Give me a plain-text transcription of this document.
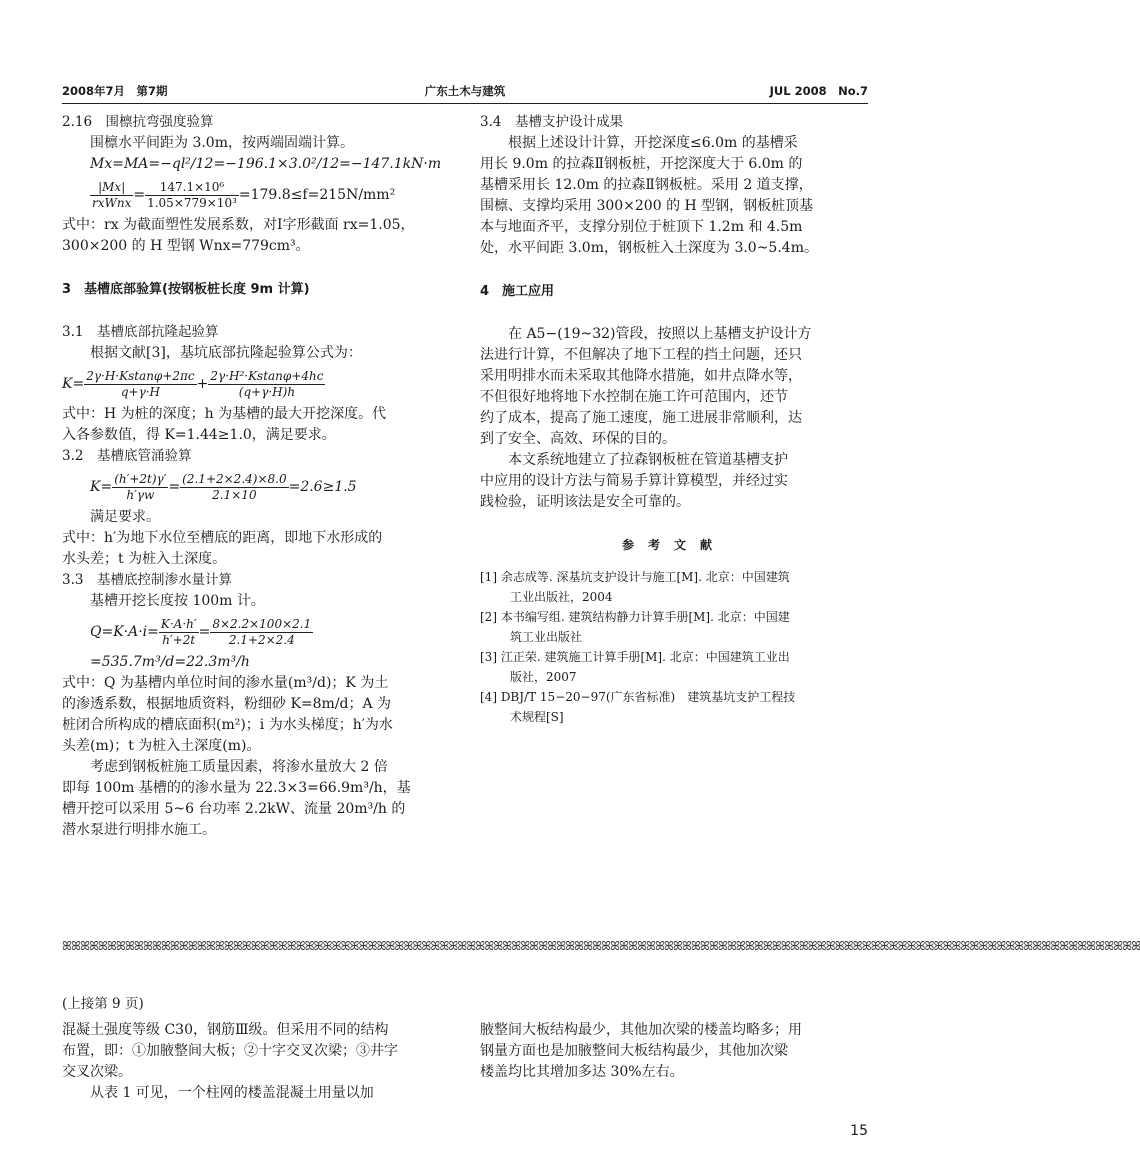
2008年7月　第7期	广东土木与建筑	JUL 2008　No.7
2.16　围檩抗弯强度验算
围檩水平间距为 3.0m，按两端固端计算。
Mx=MA=−ql²/12=−196.1×3.0²/12=−147.1kN·m
$\frac{|Mx|}{\text{rxWnx}} = \frac{\text{147.1×10⁶}}{\text{1.05×779×10³}} =179.8\le f=215N/mm^2$
式中：rx 为截面塑性发展系数，对I字形截面 rx=1.05，
300×200 的 H 型钢 Wnx=779cm³。
3　基槽底部验算(按钢板桩长度 9m 计算)
3.1　基槽底部抗隆起验算
根据文献[3]，基坑底部抗隆起验算公式为：
$K= \frac{2\gamma\cdot H\cdot Kstan\varphi+2\pi c}{q+\gamma\cdot H} + \frac{\text{2γ·H²·Kstanφ+4hc}}{(q+\gamma\cdot H)h}$
式中：H 为桩的深度；h 为基槽的最大开挖深度。代
入各参数值，得 K=1.44≥1.0，满足要求。
3.2　基槽底管涌验算
$K= \frac{(h'+2t)\gamma'}{h'\gamma w} = \frac{(2.1+2\times 2.4)\times 8.0}{2.1\times 10} =2.6\ge 1.5$
满足要求。
式中：h′为地下水位至槽底的距离，即地下水形成的
水头差；t 为桩入土深度。
3.3　基槽底控制渗水量计算
基槽开挖长度按 100m 计。
$Q=K\cdot A\cdot i= \frac{K\cdot A\cdot h'}{h'+2t} = \frac{8\times 2.2\times 100\times 2.1}{2.1+2\times 2.4}$
=535.7m³/d=22.3m³/h
式中：Q 为基槽内单位时间的渗水量(m³/d)；K 为土
的渗透系数，根据地质资料，粉细砂 K=8m/d；A 为
桩闭合所构成的槽底面积(m²)；i 为水头梯度；h′为水
头差(m)；t 为桩入土深度(m)。
考虑到钢板桩施工质量因素，将渗水量放大 2 倍
即每 100m 基槽的的渗水量为 22.3×3=66.9m³/h，基
槽开挖可以采用 5~6 台功率 2.2kW、流量 20m³/h 的
潜水泵进行明排水施工。
3.4　基槽支护设计成果
根据上述设计计算，开挖深度≤6.0m 的基槽采
用长 9.0m 的拉森Ⅱ钢板桩，开挖深度大于 6.0m 的
基槽采用长 12.0m 的拉森Ⅱ钢板桩。采用 2 道支撑，
围檩、支撑均采用 300×200 的 H 型钢，钢板桩顶基
本与地面齐平，支撑分别位于桩顶下 1.2m 和 4.5m
处，水平间距 3.0m，钢板桩入土深度为 3.0~5.4m。
4　施工应用
在 A5−(19~32)管段，按照以上基槽支护设计方
法进行计算，不但解决了地下工程的挡土问题，还只
采用明排水而未采取其他降水措施，如井点降水等，
不但很好地将地下水控制在施工许可范围内，还节
约了成本，提高了施工速度，施工进展非常顺利，达
到了安全、高效、环保的目的。
本文系统地建立了拉森钢板桩在管道基槽支护
中应用的设计方法与简易手算计算模型，并经过实
践检验，证明该法是安全可靠的。
参考文献
[1] 余志成等. 深基坑支护设计与施工[M]. 北京：中国建筑
工业出版社，2004
[2] 本书编写组. 建筑结构静力计算手册[M]. 北京：中国建
筑工业出版社
[3] 江正荣. 建筑施工计算手册[M]. 北京：中国建筑工业出
版社，2007
[4] DBJ/T 15−20−97(广东省标准)　建筑基坑支护工程技
术规程[S]
ꕤꕤꕤꕤꕤꕤꕤꕤꕤꕤꕤꕤꕤꕤꕤꕤꕤꕤꕤꕤꕤꕤꕤꕤꕤꕤꕤꕤꕤꕤꕤꕤꕤꕤꕤꕤꕤꕤꕤꕤꕤꕤꕤꕤꕤꕤꕤꕤꕤꕤꕤꕤꕤꕤꕤꕤꕤꕤꕤꕤꕤꕤꕤꕤꕤꕤꕤꕤꕤꕤꕤꕤꕤꕤꕤꕤꕤꕤꕤꕤꕤꕤꕤꕤꕤꕤꕤꕤꕤꕤꕤꕤꕤꕤꕤꕤꕤꕤꕤꕤꕤꕤꕤꕤꕤꕤꕤꕤꕤꕤꕤꕤꕤꕤꕤꕤꕤꕤꕤꕤ
(上接第 9 页)
混凝土强度等级 C30，钢筋Ⅲ级。但采用不同的结构
布置，即：①加腋整间大板；②十字交叉次梁；③井字
交叉次梁。
从表 1 可见，一个柱网的楼盖混凝土用量以加
腋整间大板结构最少，其他加次梁的楼盖均略多；用
钢量方面也是加腋整间大板结构最少，其他加次梁
楼盖均比其增加多达 30%左右。
15
